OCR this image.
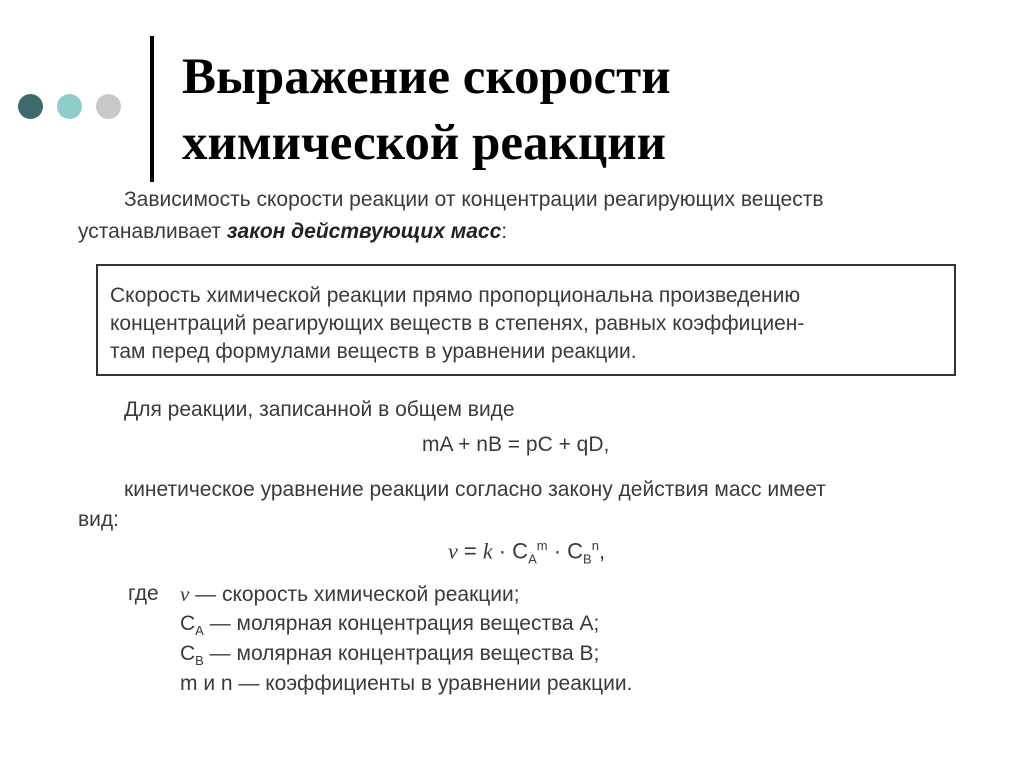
Выражение скорости
химической реакции
Зависимость скорости реакции от концентрации реагирующих веществ
устанавливает закон действующих масс:
Скорость химической реакции прямо пропорциональна произведению
концентраций реагирующих веществ в степенях, равных коэффициен-
там перед формулами веществ в уравнении реакции.
Для реакции, записанной в общем виде
mA + nB = pC + qD,
кинетическое уравнение реакции согласно закону действия масс имеет
вид:
$v = k \cdot C_A^m \cdot C_B^n$,
где v — скорость химической реакции;
$C_A$ — молярная концентрация вещества А;
$C_B$ — молярная концентрация вещества В;
m и n — коэффициенты в уравнении реакции.
